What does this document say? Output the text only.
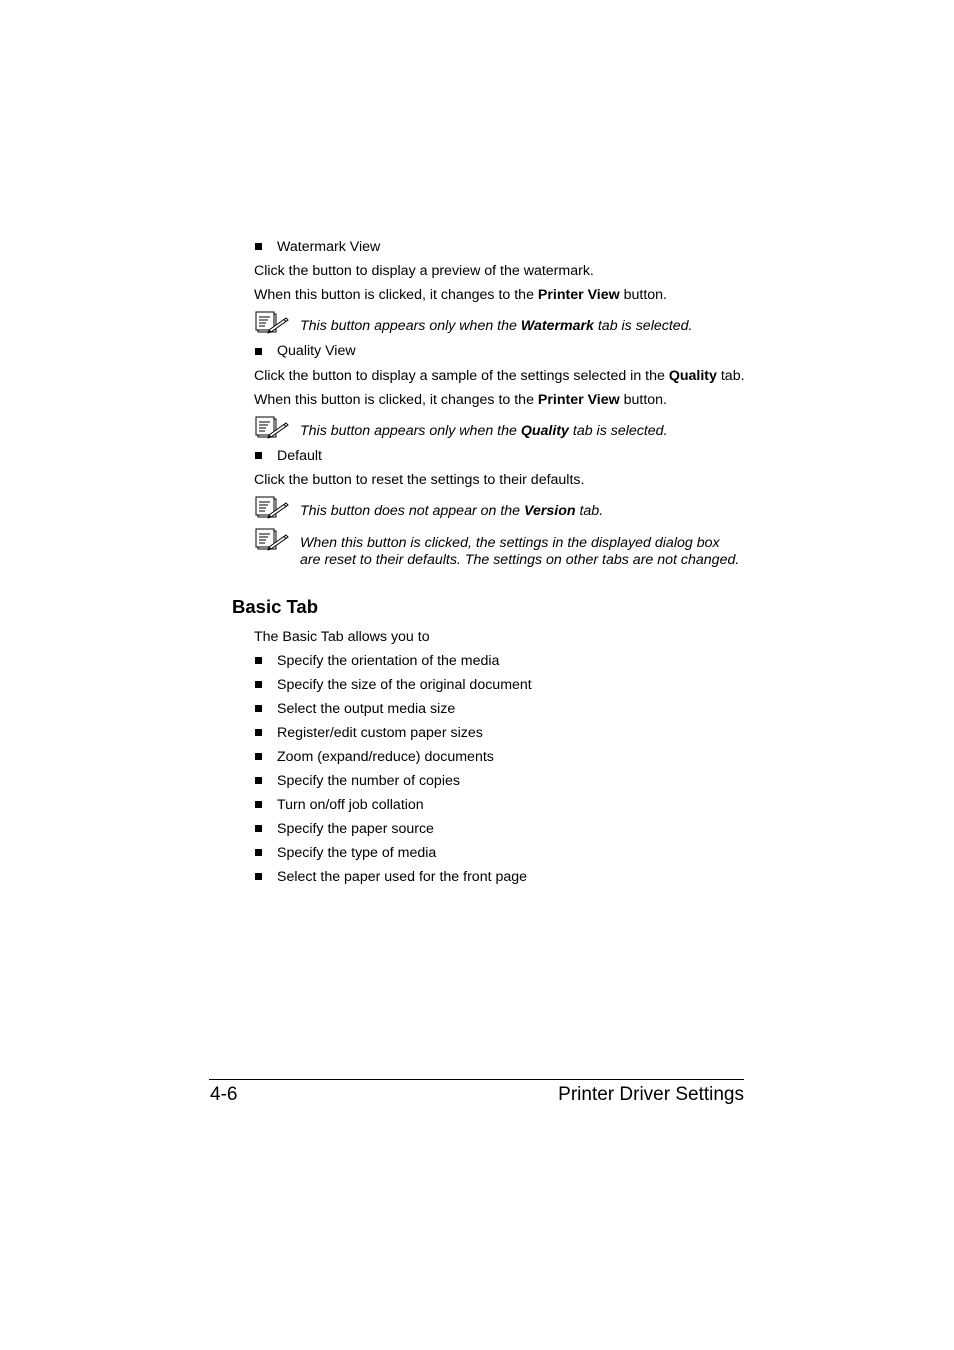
Watermark View
Click the button to display a preview of the watermark.
When this button is clicked, it changes to the Printer View button.
This button appears only when the Watermark tab is selected.
Quality View
Click the button to display a sample of the settings selected in the Quality tab.
When this button is clicked, it changes to the Printer View button.
This button appears only when the Quality tab is selected.
Default
Click the button to reset the settings to their defaults.
This button does not appear on the Version tab.
When this button is clicked, the settings in the displayed dialog box
are reset to their defaults. The settings on other tabs are not changed.
Basic Tab
The Basic Tab allows you to
Specify the orientation of the media
Specify the size of the original document
Select the output media size
Register/edit custom paper sizes
Zoom (expand/reduce) documents
Specify the number of copies
Turn on/off job collation
Specify the paper source
Specify the type of media
Select the paper used for the front page
4-6	Printer Driver Settings
